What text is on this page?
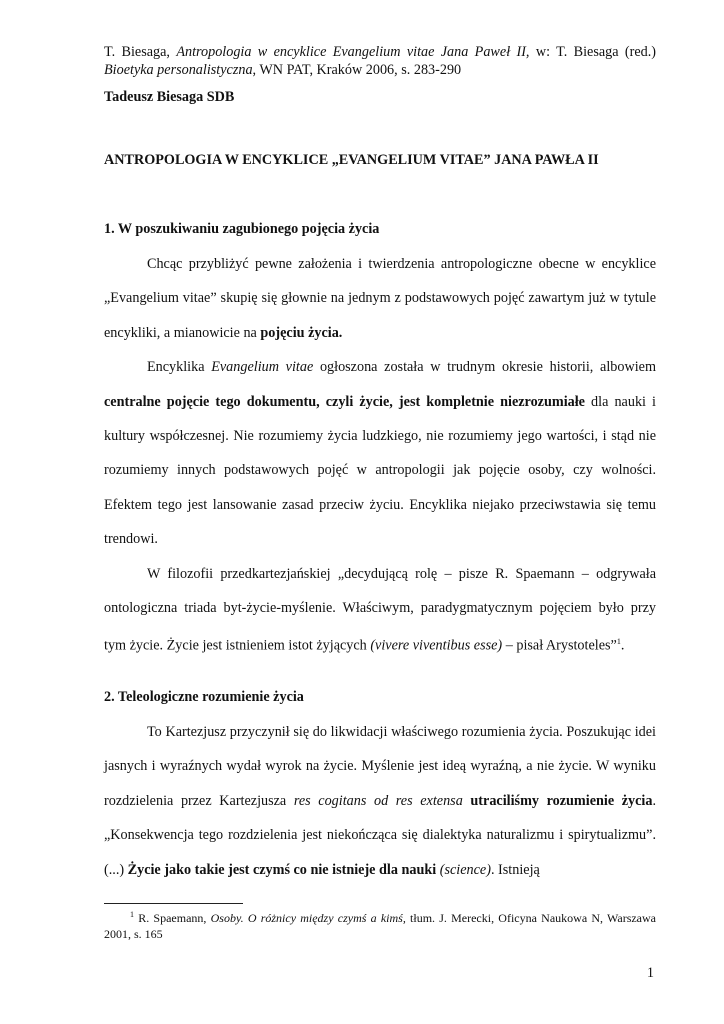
T. Biesaga, Antropologia w encyklice Evangelium vitae Jana Paweł II, w: T. Biesaga (red.)
Bioetyka personalistyczna, WN PAT, Kraków 2006, s. 283-290
Tadeusz Biesaga SDB
ANTROPOLOGIA W ENCYKLICE „EVANGELIUM VITAE” JANA PAWŁA II
1. W poszukiwaniu zagubionego pojęcia życia

Chcąc przybliżyć pewne założenia i twierdzenia antropologiczne obecne w encyklice „Evangelium vitae” skupię się głownie na jednym z podstawowych pojęć zawartym już w tytule encykliki, a mianowicie na pojęciu życia.

Encyklika Evangelium vitae ogłoszona została w trudnym okresie historii, albowiem centralne pojęcie tego dokumentu, czyli życie, jest kompletnie niezrozumiałe dla nauki i kultury współczesnej. Nie rozumiemy życia ludzkiego, nie rozumiemy jego wartości, i stąd nie rozumiemy innych podstawowych pojęć w antropologii jak pojęcie osoby, czy wolności. Efektem tego jest lansowanie zasad przeciw życiu. Encyklika niejako przeciwstawia się temu trendowi.

W filozofii przedkartezjańskiej „decydującą rolę – pisze R. Spaemann – odgrywała ontologiczna triada byt-życie-myślenie. Właściwym, paradygmatycznym pojęciem było przy tym życie. Życie jest istnieniem istot żyjących (vivere viventibus esse) – pisał Arystoteles”$^1$.

2. Teleologiczne rozumienie życia

To Kartezjusz przyczynił się do likwidacji właściwego rozumienia życia. Poszukując idei jasnych i wyraźnych wydał wyrok na życie. Myślenie jest ideą wyraźną, a nie życie. W wyniku rozdzielenia przez Kartezjusza res cogitans od res extensa utraciliśmy rozumienie życia. „Konsekwencja tego rozdzielenia jest niekończąca się dialektyka naturalizmu i spirytualizmu”. (...) Życie jako takie jest czymś co nie istnieje dla nauki (science). Istnieją

$^1$ R. Spaemann, Osoby. O różnicy między czymś a kimś, tłum. J. Merecki, Oficyna Naukowa N, Warszawa 2001, s. 165
1
